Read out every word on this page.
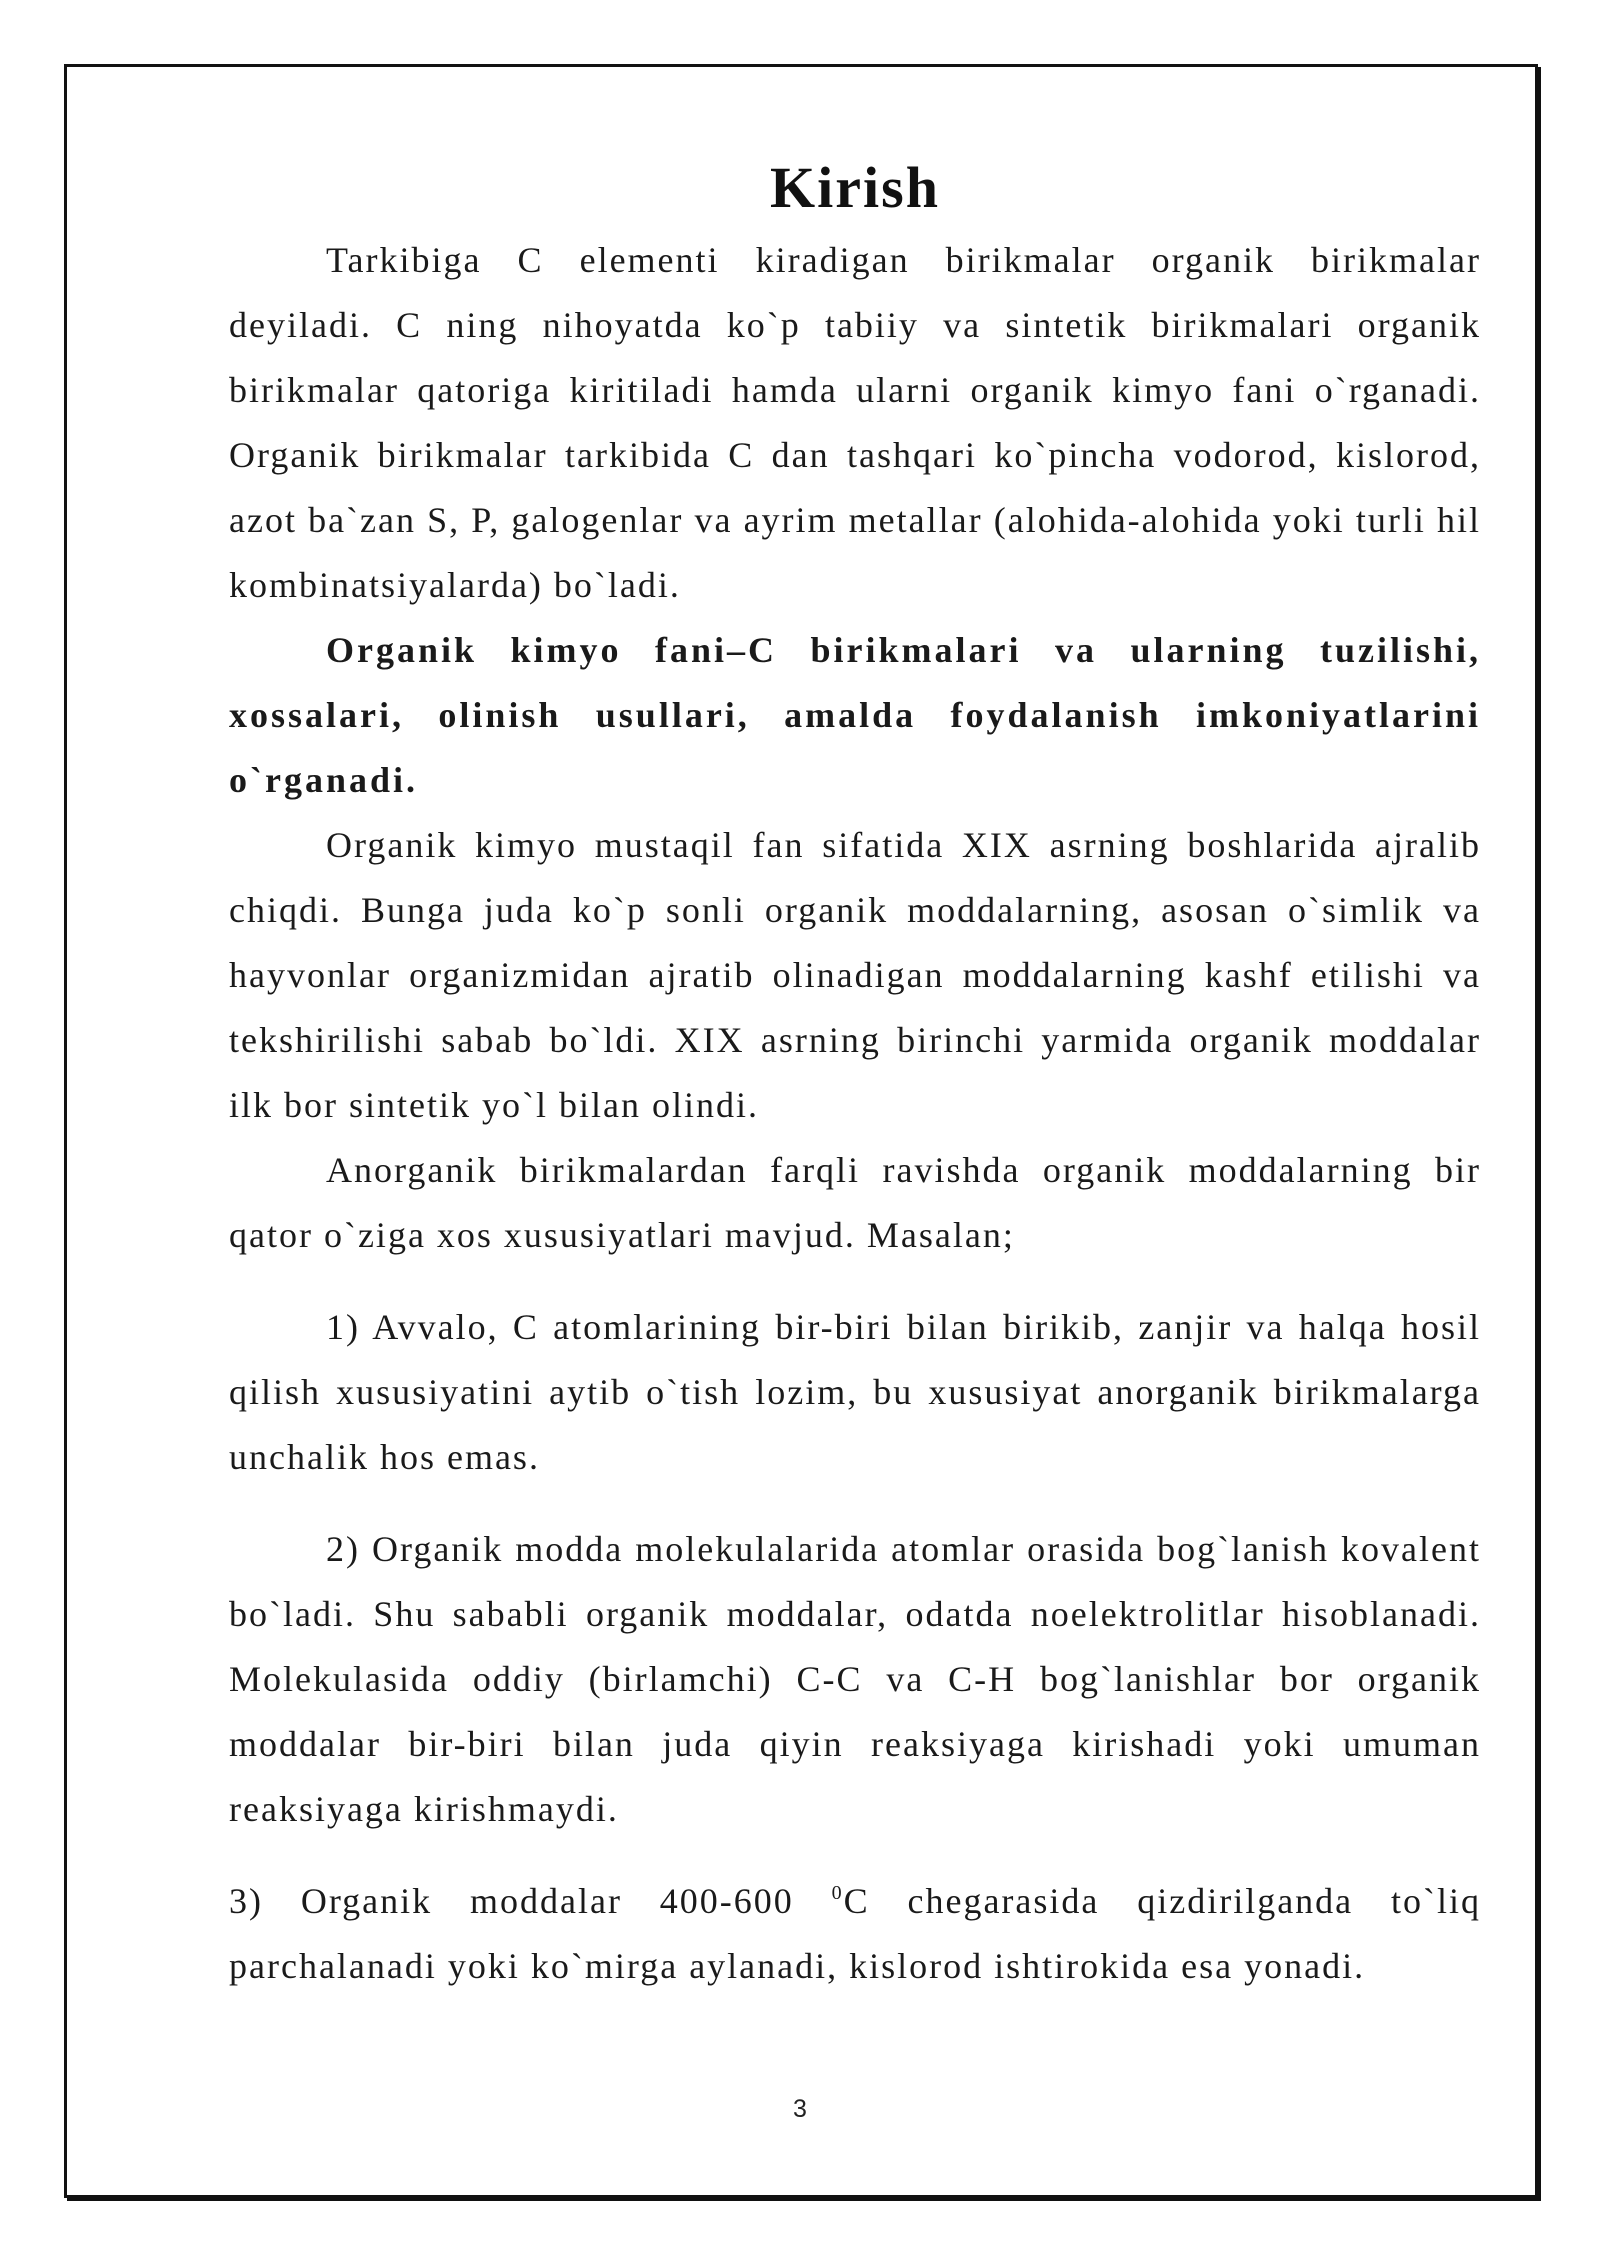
Kirish

Tarkibiga C elementi kiradigan birikmalar organik birikmalar deyiladi. C ning nihoyatda ko`p tabiiy va sintetik birikmalari organik birikmalar qatoriga kiritiladi hamda ularni organik kimyo fani o`rganadi. Organik birikmalar tarkibida C dan tashqari ko`pincha vodorod, kislorod, azot ba`zan S, P, galogenlar va ayrim metallar (alohida-alohida yoki turli hil kombinatsiyalarda) bo`ladi.

Organik kimyo fani–C birikmalari va ularning tuzilishi, xossalari, olinish usullari, amalda foydalanish imkoniyatlarini o`rganadi.

Organik kimyo mustaqil fan sifatida XIX asrning boshlarida ajralib chiqdi. Bunga juda ko`p sonli organik moddalarning, asosan o`simlik va hayvonlar organizmidan ajratib olinadigan moddalarning kashf etilishi va tekshirilishi sabab bo`ldi. XIX asrning birinchi yarmida organik moddalar ilk bor sintetik yo`l bilan olindi.

Anorganik birikmalardan farqli ravishda organik moddalarning bir qator o`ziga xos xususiyatlari mavjud. Masalan;

1) Avvalo, C atomlarining bir-biri bilan birikib, zanjir va halqa hosil qilish xususiyatini aytib o`tish lozim, bu xususiyat anorganik birikmalarga unchalik hos emas.

2) Organik modda molekulalarida atomlar orasida bog`lanish kovalent bo`ladi. Shu sababli organik moddalar, odatda noelektrolitlar hisoblanadi. Molekulasida oddiy (birlamchi) C-C va C-H bog`lanishlar bor organik moddalar bir-biri bilan juda qiyin reaksiyaga kirishadi yoki umuman reaksiyaga kirishmaydi.

3) Organik moddalar 400-600 $^0$C chegarasida qizdirilganda to`liq parchalanadi yoki ko`mirga aylanadi, kislorod ishtirokida esa yonadi.

3
